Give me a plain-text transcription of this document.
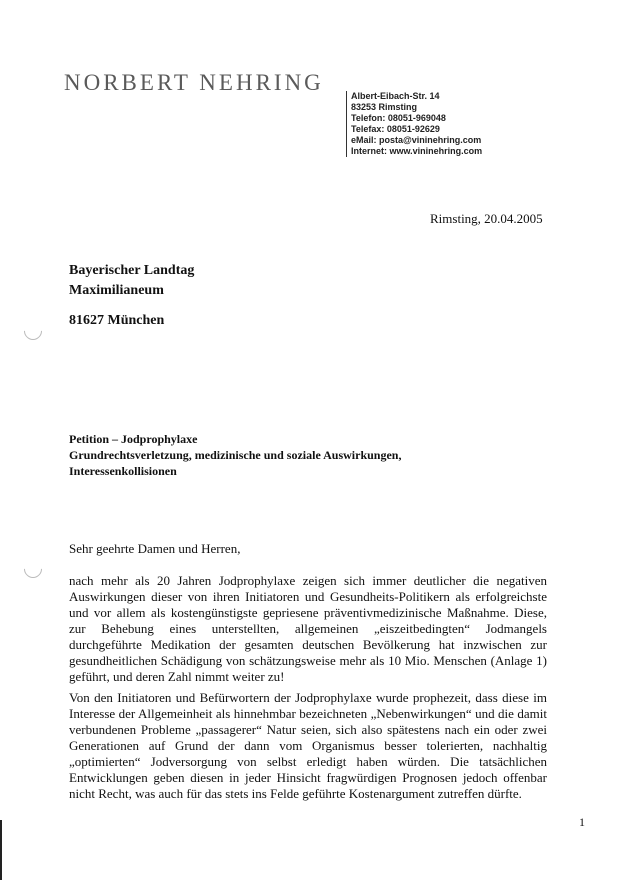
NORBERT NEHRING
Albert-Eibach-Str. 14
83253 Rimsting
Telefon: 08051-969048
Telefax: 08051-92629
eMail: posta@vininehring.com
Internet: www.vininehring.com
Rimsting, 20.04.2005
Bayerischer Landtag
Maximilianeum
81627 München
Petition – Jodprophylaxe
Grundrechtsverletzung, medizinische und soziale Auswirkungen,
Interessenkollisionen
Sehr geehrte Damen und Herren,
nach mehr als 20 Jahren Jodprophylaxe zeigen sich immer deutlicher die negativen Auswirkungen dieser von ihren Initiatoren und Gesundheits-Politikern als erfolgreichste und vor allem als kostengünstigste gepriesene präventivmedizinische Maßnahme. Diese, zur Behebung eines unterstellten, allgemeinen „eiszeitbedingten“ Jodmangels durchgeführte Medikation der gesamten deutschen Bevölkerung hat inzwischen zur gesundheitlichen Schädigung von schätzungsweise mehr als 10 Mio. Menschen (Anlage 1) geführt, und deren Zahl nimmt weiter zu!
Von den Initiatoren und Befürwortern der Jodprophylaxe wurde prophezeit, dass diese im Interesse der Allgemeinheit als hinnehmbar bezeichneten „Nebenwirkungen“ und die damit verbundenen Probleme „passagerer“ Natur seien, sich also spätestens nach ein oder zwei Generationen auf Grund der dann vom Organismus besser tolerierten, nachhaltig „optimierten“ Jodversorgung von selbst erledigt haben würden. Die tatsächlichen Entwicklungen geben diesen in jeder Hinsicht fragwürdigen Prognosen jedoch offenbar nicht Recht, was auch für das stets ins Felde geführte Kostenargument zutreffen dürfte.
1
